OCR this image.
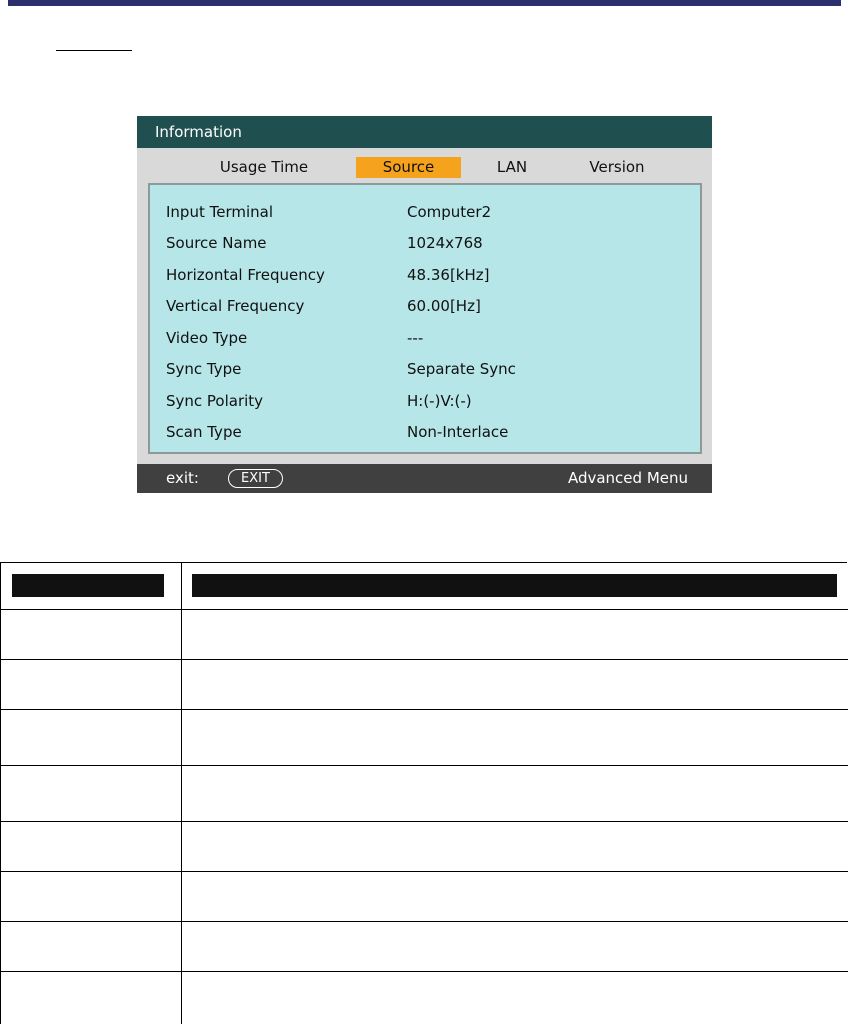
Information
Usage Time	Source	LAN	Version
Input Terminal	Computer2
Source Name	1024x768
Horizontal Frequency	48.36[kHz]
Vertical Frequency	60.00[Hz]
Video Type	---
Sync Type	Separate Sync
Sync Polarity	H:(-)V:(-)
Scan Type	Non-Interlace
exit:	EXIT	Advanced Menu
